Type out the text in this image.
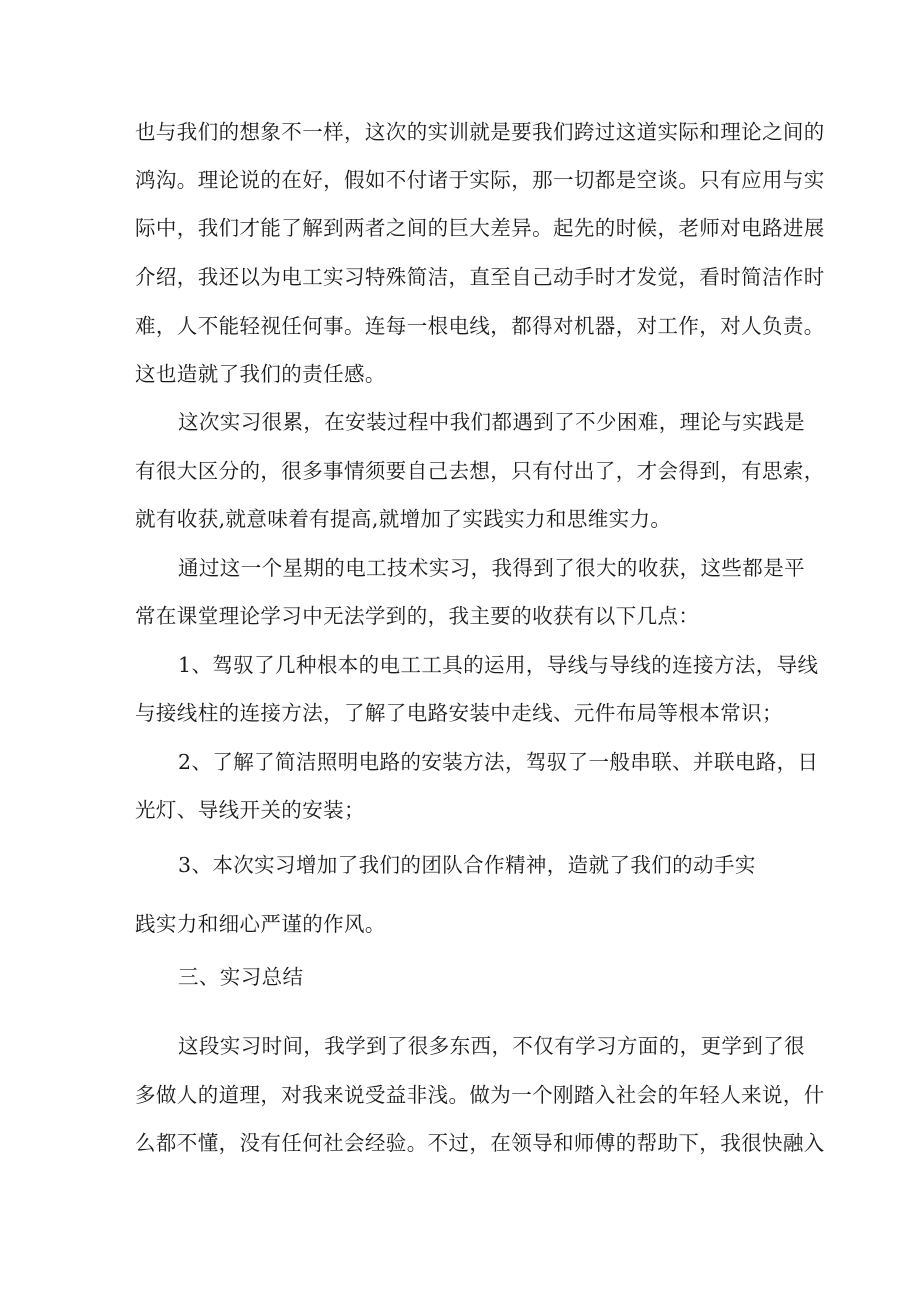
也与我们的想象不一样，这次的实训就是要我们跨过这道实际和理论之间的
鸿沟。理论说的在好，假如不付诸于实际，那一切都是空谈。只有应用与实
际中，我们才能了解到两者之间的巨大差异。起先的时候，老师对电路进展
介绍，我还以为电工实习特殊简洁，直至自己动手时才发觉，看时简洁作时
难，人不能轻视任何事。连每一根电线，都得对机器，对工作，对人负责。
这也造就了我们的责任感。
这次实习很累，在安装过程中我们都遇到了不少困难，理论与实践是
有很大区分的，很多事情须要自己去想，只有付出了，才会得到，有思索，
就有收获,就意味着有提高,就增加了实践实力和思维实力。
通过这一个星期的电工技术实习，我得到了很大的收获，这些都是平
常在课堂理论学习中无法学到的，我主要的收获有以下几点：
1、驾驭了几种根本的电工工具的运用，导线与导线的连接方法，导线
与接线柱的连接方法，了解了电路安装中走线、元件布局等根本常识；
2、了解了简洁照明电路的安装方法，驾驭了一般串联、并联电路，日
光灯、导线开关的安装；
3、本次实习增加了我们的团队合作精神，造就了我们的动手实
践实力和细心严谨的作风。
三、实习总结
这段实习时间，我学到了很多东西，不仅有学习方面的，更学到了很
多做人的道理，对我来说受益非浅。做为一个刚踏入社会的年轻人来说，什
么都不懂，没有任何社会经验。不过，在领导和师傅的帮助下，我很快融入
